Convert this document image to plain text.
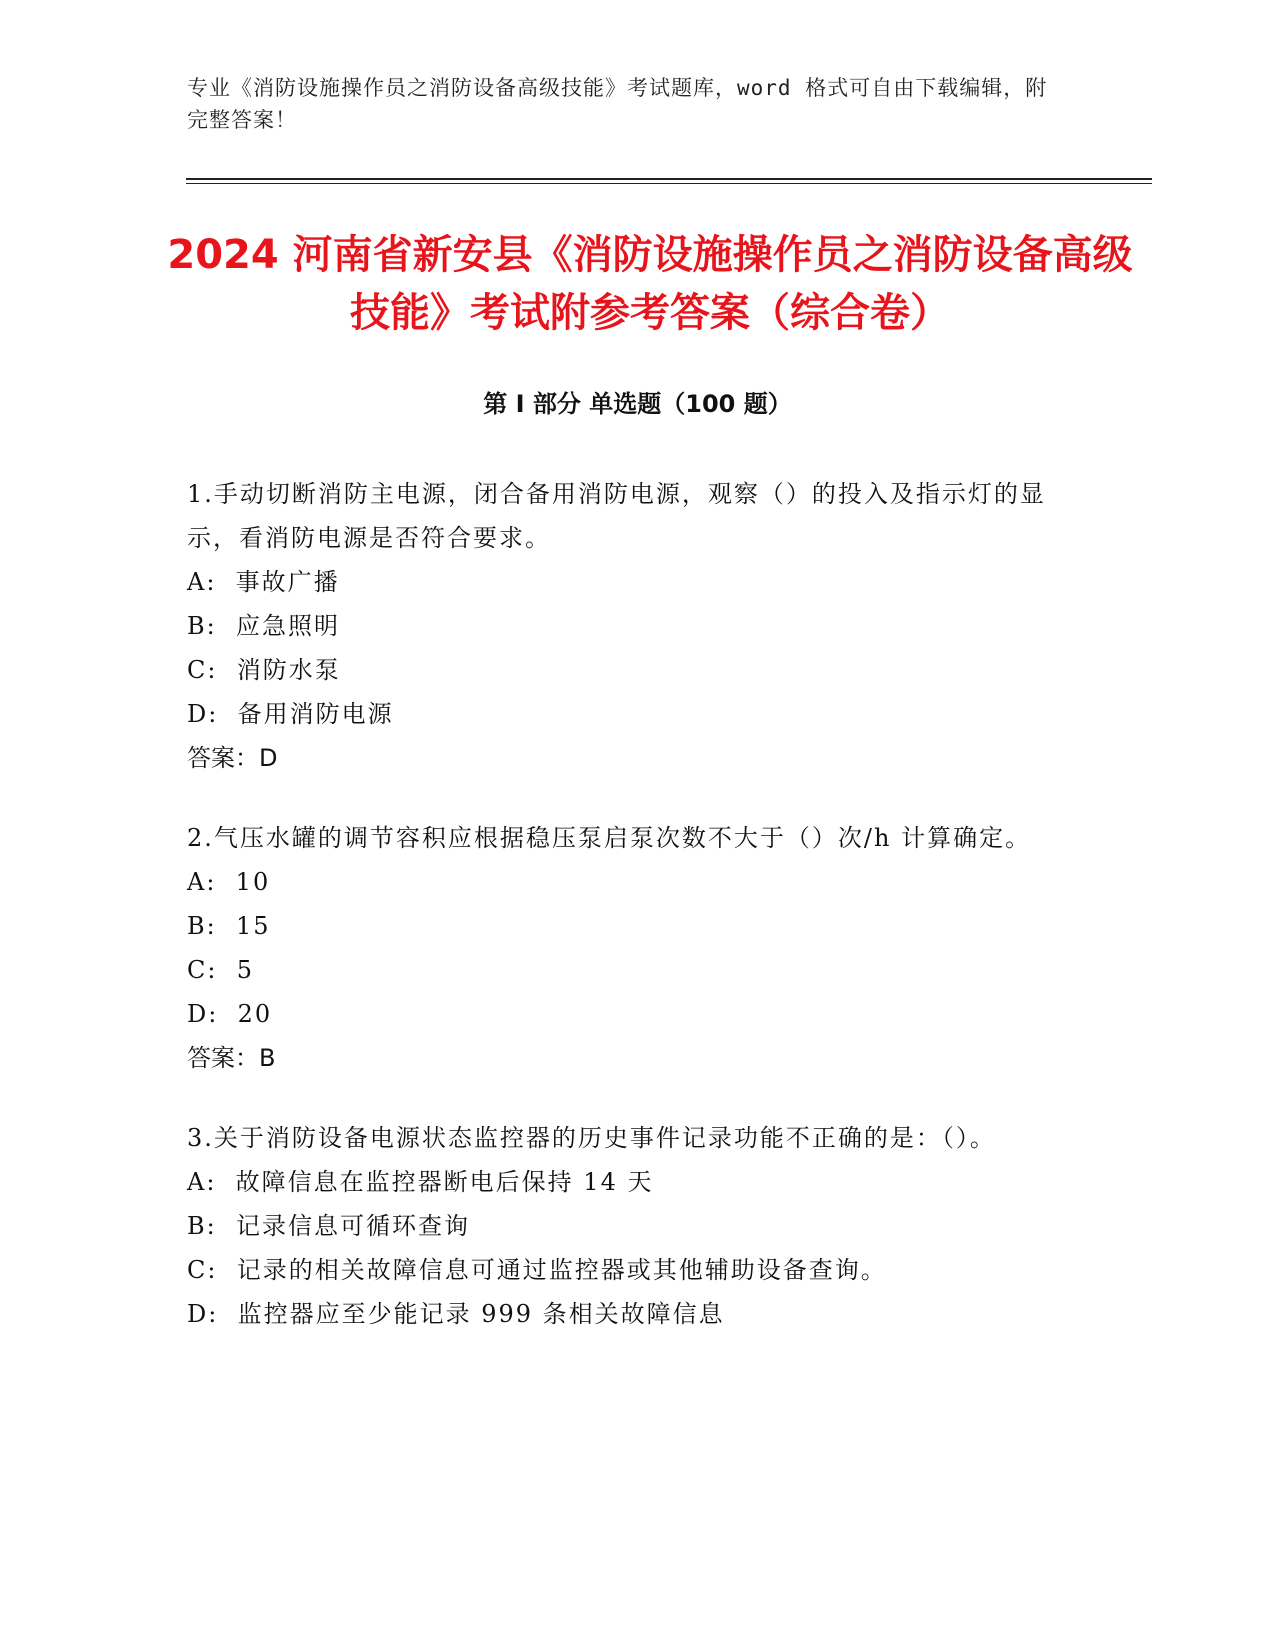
专业《消防设施操作员之消防设备高级技能》考试题库，word 格式可自由下载编辑，附完整答案！
2024 河南省新安县《消防设施操作员之消防设备高级技能》考试附参考答案（综合卷）
第 I 部分 单选题（100 题）
1.手动切断消防主电源，闭合备用消防电源，观察（）的投入及指示灯的显示，看消防电源是否符合要求。
A:  事故广播
B:  应急照明
C:  消防水泵
D:  备用消防电源
答案：D
2.气压水罐的调节容积应根据稳压泵启泵次数不大于（）次/h 计算确定。
A:  10
B:  15
C:  5
D:  20
答案：B
3.关于消防设备电源状态监控器的历史事件记录功能不正确的是：（）。
A:  故障信息在监控器断电后保持 14 天
B:  记录信息可循环查询
C:  记录的相关故障信息可通过监控器或其他辅助设备查询。
D:  监控器应至少能记录 999 条相关故障信息
